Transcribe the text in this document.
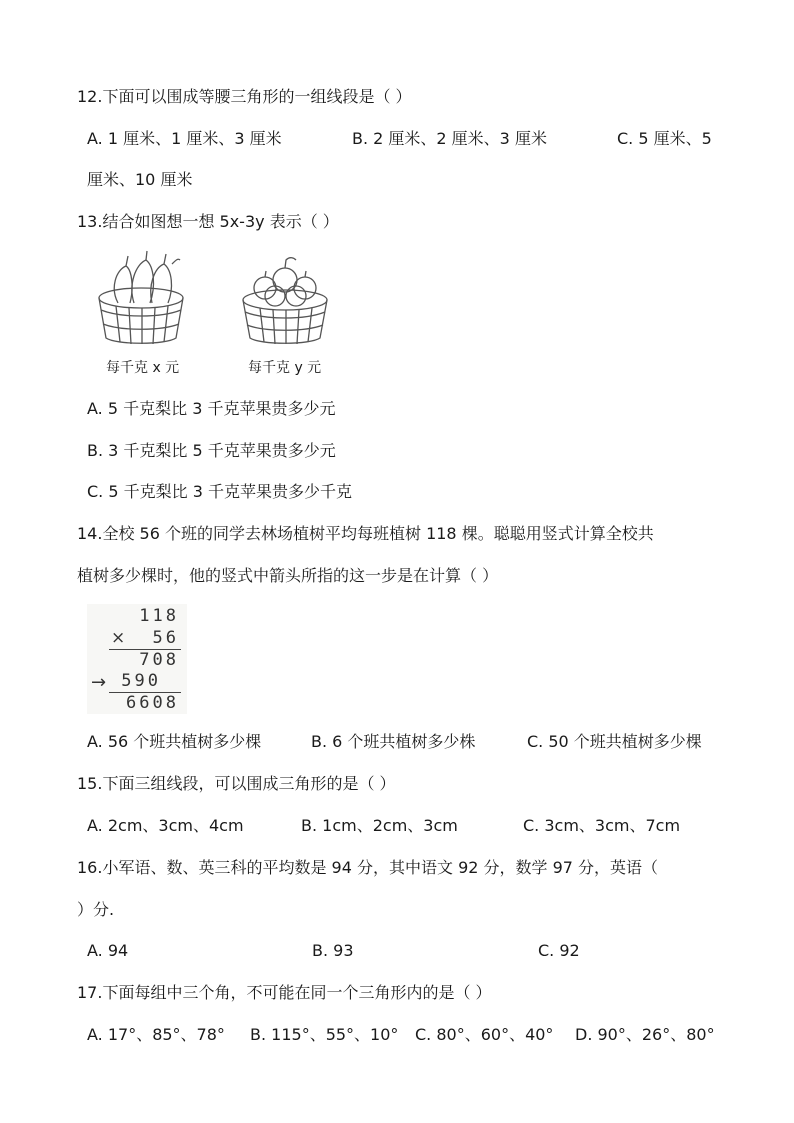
12.下面可以围成等腰三角形的一组线段是（ ）
A. 1 厘米、1 厘米、3 厘米	B. 2 厘米、2 厘米、3 厘米	C. 5 厘米、5
厘米、10 厘米
13.结合如图想一想 5x-3y 表示（ ）
每千克 x 元	每千克 y 元
A. 5 千克梨比 3 千克苹果贵多少元
B. 3 千克梨比 5 千克苹果贵多少元
C. 5 千克梨比 3 千克苹果贵多少千克
14.全校 56 个班的同学去林场植树平均每班植树 118 棵。聪聪用竖式计算全校共
植树多少棵时，他的竖式中箭头所指的这一步是在计算（ ）
118
× 56
708
→ 590
6608
A. 56 个班共植树多少棵	B. 6 个班共植树多少株	C. 50 个班共植树多少棵
15.下面三组线段，可以围成三角形的是（ ）
A. 2cm、3cm、4cm	B. 1cm、2cm、3cm	C. 3cm、3cm、7cm
16.小军语、数、英三科的平均数是 94 分，其中语文 92 分，数学 97 分，英语（
）分.
A. 94	B. 93	C. 92
17.下面每组中三个角，不可能在同一个三角形内的是（ ）
A. 17°、85°、78° B. 115°、55°、10° C. 80°、60°、40° D. 90°、26°、80°
